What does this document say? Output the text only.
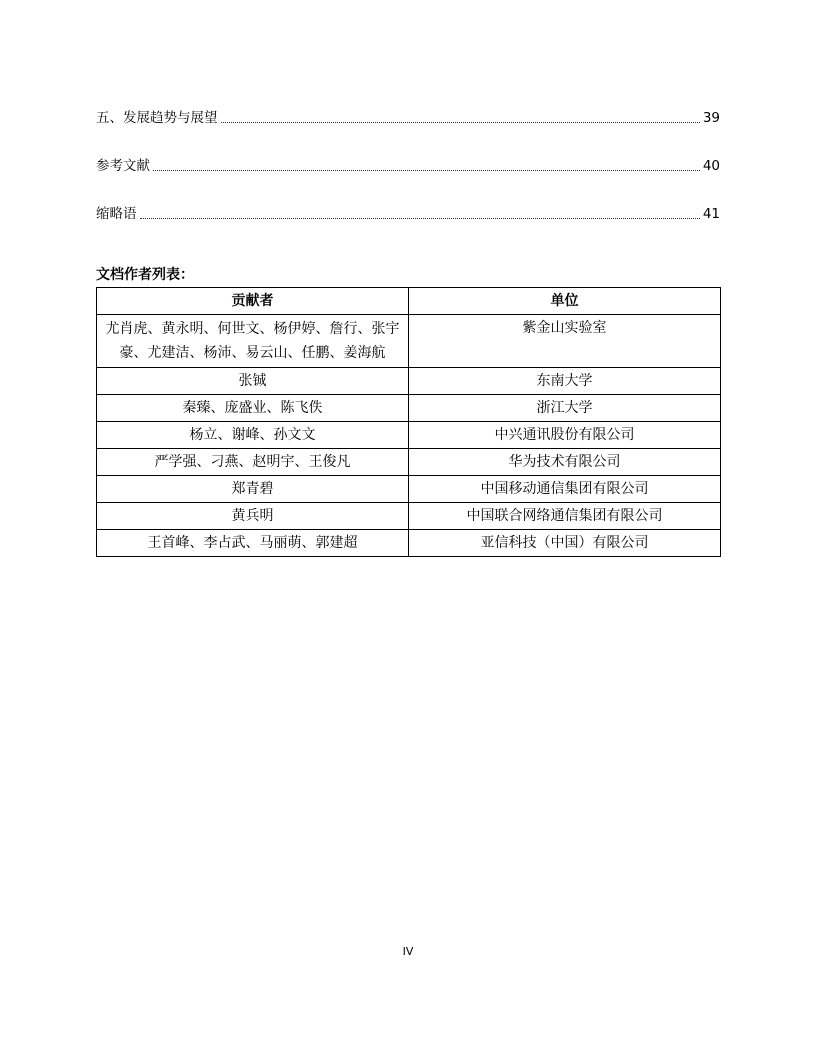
五、发展趋势与展望	39
参考文献	40
缩略语	41
文档作者列表：
贡献者	单位
尤肖虎、黄永明、何世文、杨伊婷、詹行、张宇豪、尤建洁、杨沛、易云山、任鹏、姜海航	紫金山实验室
张铖	东南大学
秦臻、庞盛业、陈飞佚	浙江大学
杨立、谢峰、孙文文	中兴通讯股份有限公司
严学强、刁燕、赵明宇、王俊凡	华为技术有限公司
郑青碧	中国移动通信集团有限公司
黄兵明	中国联合网络通信集团有限公司
王首峰、李占武、马丽萌、郭建超	亚信科技（中国）有限公司
IV
